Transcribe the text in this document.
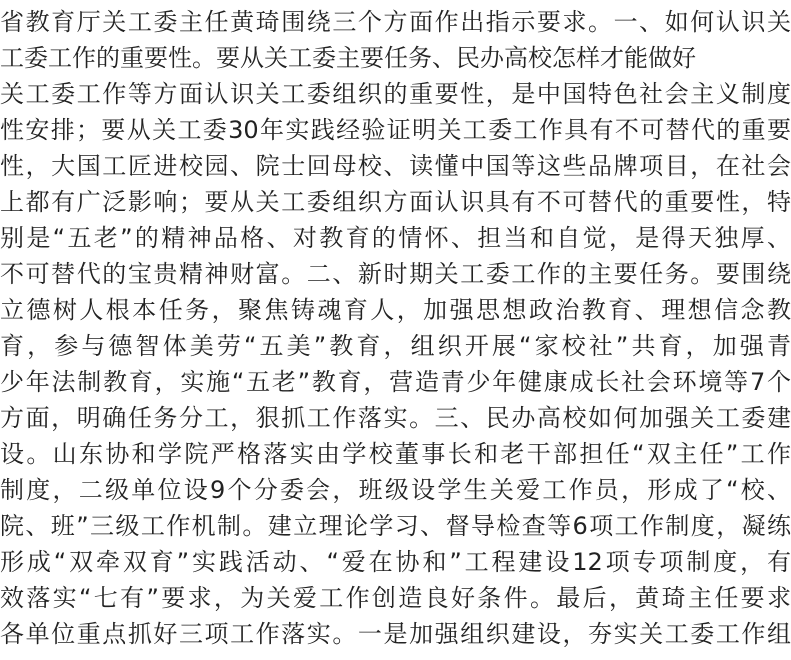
省教育厅关工委主任黄琦围绕三个方面作出指示要求。一、如何认识关
工委工作的重要性。要从关工委主要任务、民办高校怎样才能做好
关工委工作等方面认识关工委组织的重要性，是中国特色社会主义制度
性安排；要从关工委30年实践经验证明关工委工作具有不可替代的重要
性，大国工匠进校园、院士回母校、读懂中国等这些品牌项目，在社会
上都有广泛影响；要从关工委组织方面认识具有不可替代的重要性，特
别是“五老”的精神品格、对教育的情怀、担当和自觉，是得天独厚、
不可替代的宝贵精神财富。二、新时期关工委工作的主要任务。要围绕
立德树人根本任务，聚焦铸魂育人，加强思想政治教育、理想信念教
育，参与德智体美劳“五美”教育，组织开展“家校社”共育，加强青
少年法制教育，实施“五老”教育，营造青少年健康成长社会环境等7个
方面，明确任务分工，狠抓工作落实。三、民办高校如何加强关工委建
设。山东协和学院严格落实由学校董事长和老干部担任“双主任”工作
制度，二级单位设9个分委会，班级设学生关爱工作员，形成了“校、
院、班”三级工作机制。建立理论学习、督导检查等6项工作制度，凝练
形成“双牵双育”实践活动、“爱在协和”工程建设12项专项制度，有
效落实“七有”要求，为关爱工作创造良好条件。最后，黄琦主任要求
各单位重点抓好三项工作落实。一是加强组织建设，夯实关工委工作组
